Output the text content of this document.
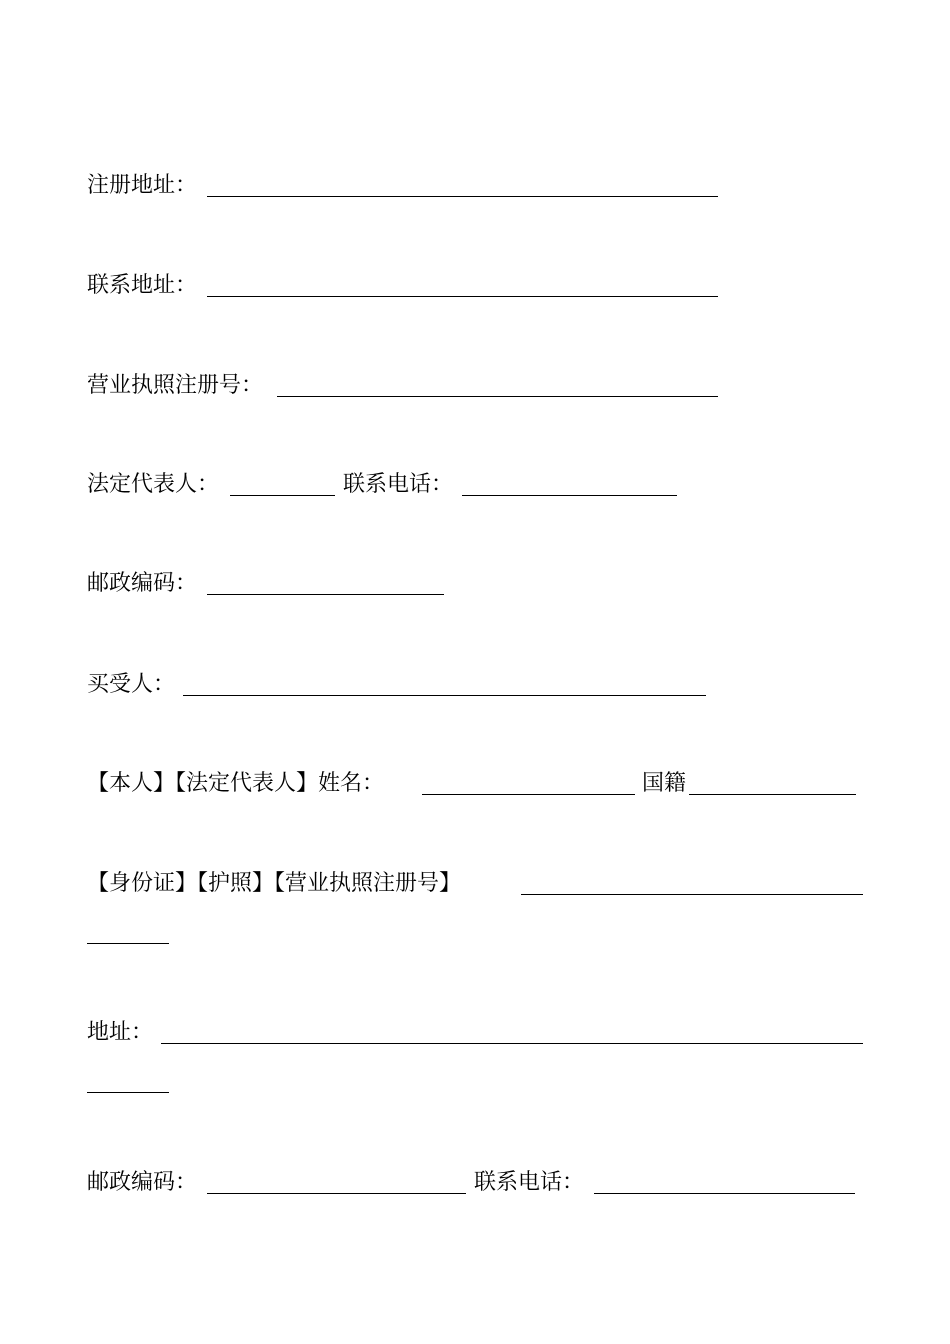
注册地址：
联系地址：
营业执照注册号：
法定代表人：	联系电话：
邮政编码：
买受人：
【本人】【法定代表人】姓名：	国籍
【身份证】【护照】【营业执照注册号】
地址：
邮政编码：	联系电话：
